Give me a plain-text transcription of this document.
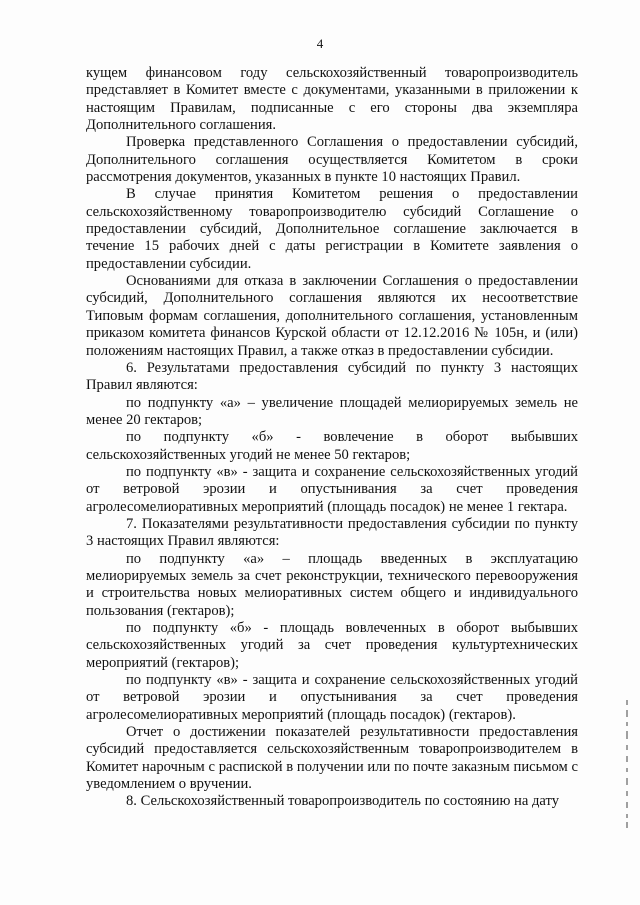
4

кущем финансовом году сельскохозяйственный товаропроизводитель представляет в Комитет вместе с документами, указанными в приложении к настоящим Правилам, подписанные с его стороны два экземпляра Дополнительного соглашения.

Проверка представленного Соглашения о предоставлении субсидий, Дополнительного соглашения осуществляется Комитетом в сроки рассмотрения документов, указанных в пункте 10 настоящих Правил.

В случае принятия Комитетом решения о предоставлении сельскохозяйственному товаропроизводителю субсидий Соглашение о предоставлении субсидий, Дополнительное соглашение заключается в течение 15 рабочих дней с даты регистрации в Комитете заявления о предоставлении субсидии.

Основаниями для отказа в заключении Соглашения о предоставлении субсидий, Дополнительного соглашения являются их несоответствие Типовым формам соглашения, дополнительного соглашения, установленным приказом комитета финансов Курской области от 12.12.2016 № 105н, и (или) положениям настоящих Правил, а также отказ в предоставлении субсидии.

6. Результатами предоставления субсидий по пункту 3 настоящих Правил являются:

по подпункту «а» – увеличение площадей мелиорируемых земель не менее 20 гектаров;

по подпункту «б» - вовлечение в оборот выбывших сельскохозяйственных угодий не менее 50 гектаров;

по подпункту «в» - защита и сохранение сельскохозяйственных угодий от ветровой эрозии и опустынивания за счет проведения агролесомелиоративных мероприятий (площадь посадок) не менее 1 гектара.

7. Показателями результативности предоставления субсидии по пункту 3 настоящих Правил являются:

по подпункту «а» – площадь введенных в эксплуатацию мелиорируемых земель за счет реконструкции, технического перевооружения и строительства новых мелиоративных систем общего и индивидуального пользования (гектаров);

по подпункту «б» - площадь вовлеченных в оборот выбывших сельскохозяйственных угодий за счет проведения культуртехнических мероприятий (гектаров);

по подпункту «в» - защита и сохранение сельскохозяйственных угодий от ветровой эрозии и опустынивания за счет проведения агролесомелиоративных мероприятий (площадь посадок) (гектаров).

Отчет о достижении показателей результативности предоставления субсидий предоставляется сельскохозяйственным товаропроизводителем в Комитет нарочным с распиской в получении или по почте заказным письмом с уведомлением о вручении.

8. Сельскохозяйственный товаропроизводитель по состоянию на дату
